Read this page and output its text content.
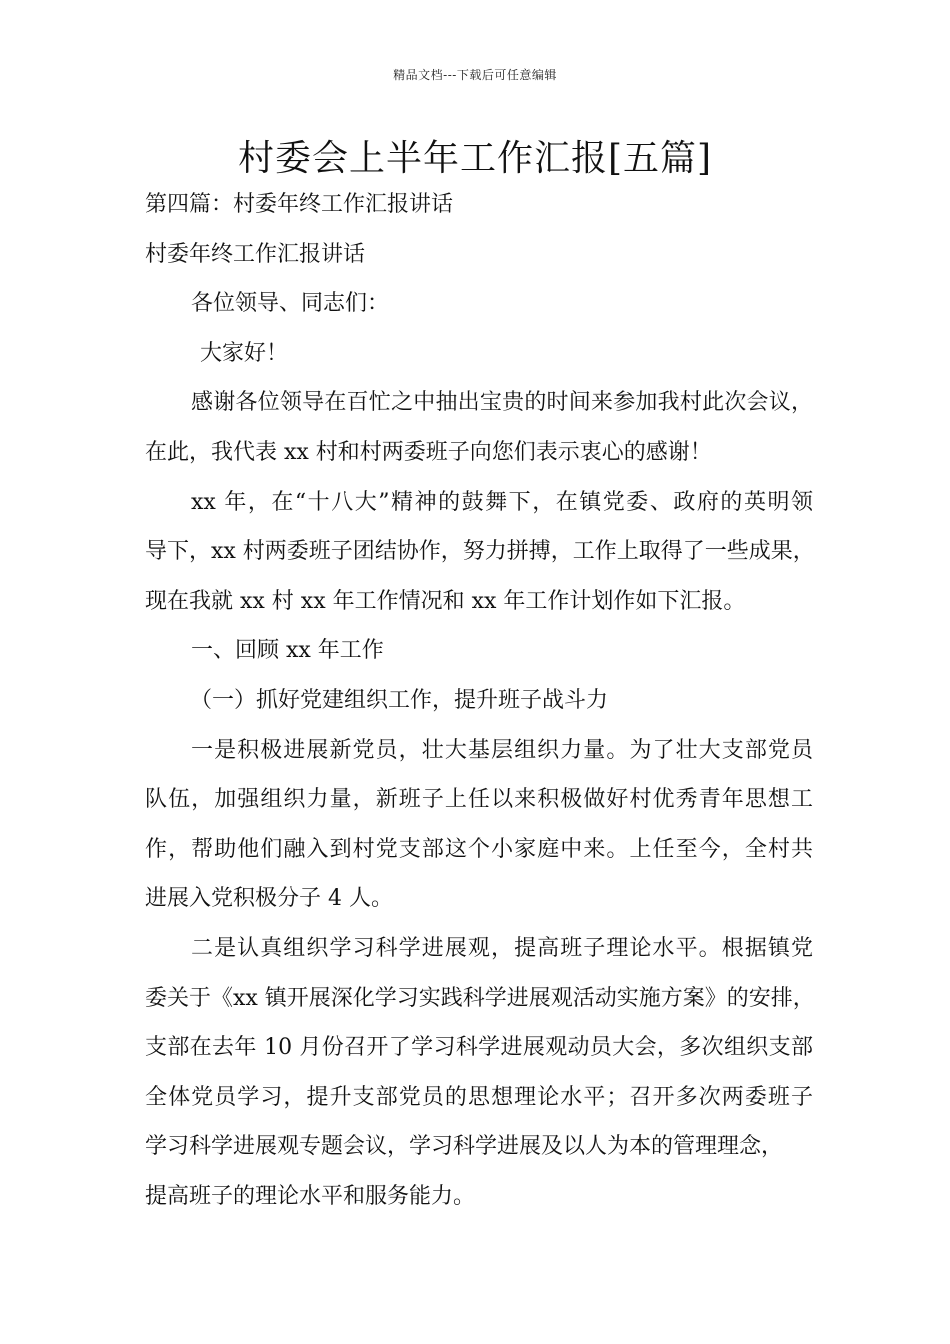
精品文档---下载后可任意编辑
村委会上半年工作汇报[五篇]
第四篇：村委年终工作汇报讲话
村委年终工作汇报讲话
各位领导、同志们：
大家好！
感谢各位领导在百忙之中抽出宝贵的时间来参加我村此次会议，
在此，我代表 xx 村和村两委班子向您们表示衷心的感谢！
xx 年，在“十八大”精神的鼓舞下，在镇党委、政府的英明领
导下，xx 村两委班子团结协作，努力拼搏，工作上取得了一些成果，
现在我就 xx 村 xx 年工作情况和 xx 年工作计划作如下汇报。
一、回顾 xx 年工作
（一）抓好党建组织工作，提升班子战斗力
一是积极进展新党员，壮大基层组织力量。为了壮大支部党员
队伍，加强组织力量，新班子上任以来积极做好村优秀青年思想工
作，帮助他们融入到村党支部这个小家庭中来。上任至今，全村共
进展入党积极分子 4 人。
二是认真组织学习科学进展观，提高班子理论水平。根据镇党
委关于《xx 镇开展深化学习实践科学进展观活动实施方案》的安排，
支部在去年 10 月份召开了学习科学进展观动员大会，多次组织支部
全体党员学习，提升支部党员的思想理论水平；召开多次两委班子
学习科学进展观专题会议，学习科学进展及以人为本的管理理念，
提高班子的理论水平和服务能力。
